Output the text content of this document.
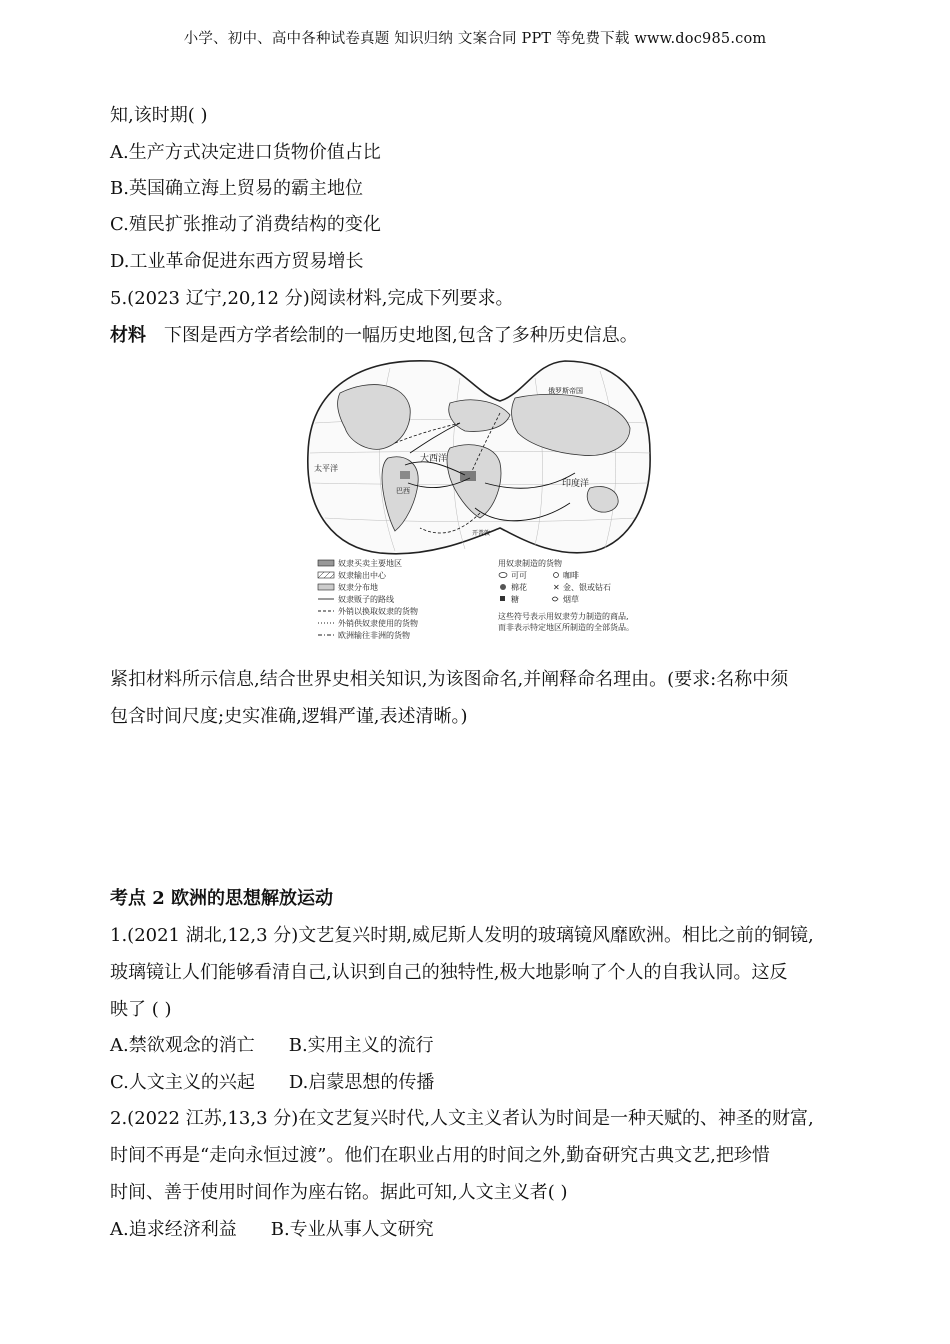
小学、初中、高中各种试卷真题 知识归纳 文案合同 PPT 等免费下载 www.doc985.com
知,该时期( )
A.生产方式决定进口货物价值占比
B.英国确立海上贸易的霸主地位
C.殖民扩张推动了消费结构的变化
D.工业革命促进东西方贸易增长
5.(2023 辽宁,20,12 分)阅读材料,完成下列要求。
材料 下图是西方学者绘制的一幅历史地图,包含了多种历史信息。
大西洋
印度洋
太平洋
俄罗斯帝国
巴西
开普敦
奴隶买卖主要地区
奴隶输出中心
奴隶分布地
奴隶贩子的路线
外销以换取奴隶的货物
外销供奴隶使用的货物
欧洲输往非洲的货物
用奴隶制造的货物
可可	咖啡
棉花	✕ 金、银或钻石
糖	烟草
这些符号表示用奴隶劳力制造的商品,
而非表示特定地区所制造的全部货品。
紧扣材料所示信息,结合世界史相关知识,为该图命名,并阐释命名理由。(要求:名称中须
包含时间尺度;史实准确,逻辑严谨,表述清晰。)
考点 2 欧洲的思想解放运动
1.(2021 湖北,12,3 分)文艺复兴时期,威尼斯人发明的玻璃镜风靡欧洲。相比之前的铜镜,
玻璃镜让人们能够看清自己,认识到自己的独特性,极大地影响了个人的自我认同。这反
映了 ( )
A.禁欲观念的消亡 B.实用主义的流行
C.人文主义的兴起 D.启蒙思想的传播
2.(2022 江苏,13,3 分)在文艺复兴时代,人文主义者认为时间是一种天赋的、神圣的财富,
时间不再是“走向永恒过渡”。他们在职业占用的时间之外,勤奋研究古典文艺,把珍惜
时间、善于使用时间作为座右铭。据此可知,人文主义者( )
A.追求经济利益 B.专业从事人文研究
